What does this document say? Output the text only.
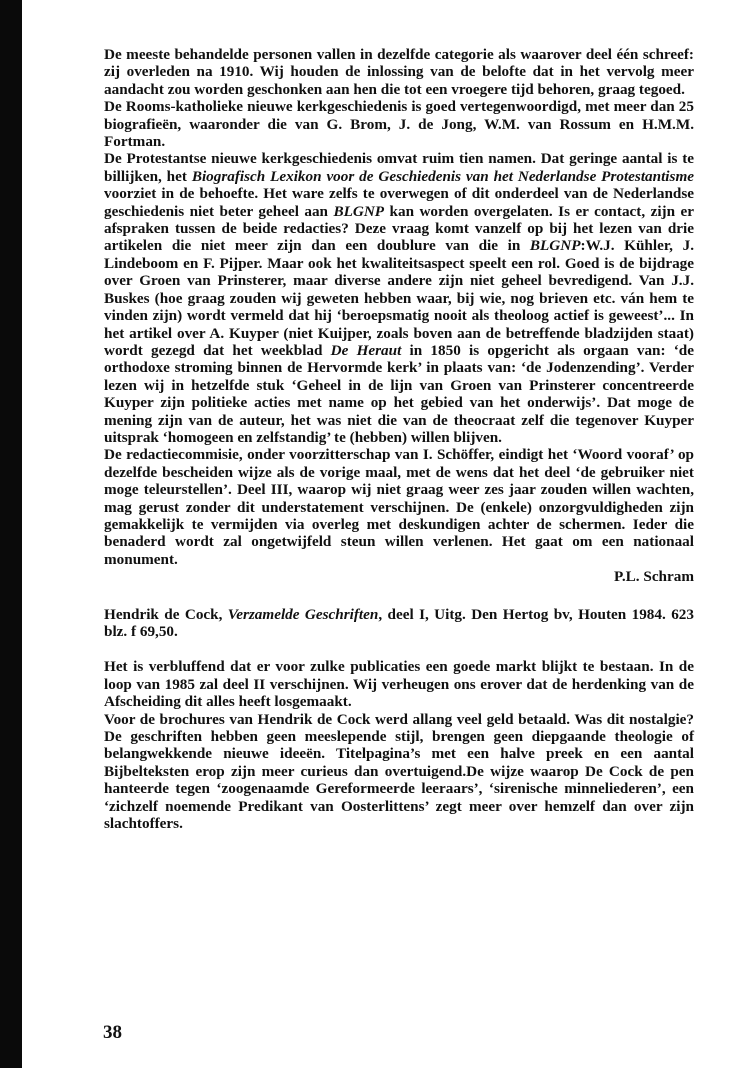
De meeste behandelde personen vallen in dezelfde categorie als waarover deel één schreef: zij overleden na 1910. Wij houden de inlossing van de belofte dat in het vervolg meer aandacht zou worden geschonken aan hen die tot een vroegere tijd behoren, graag tegoed.

De Rooms-katholieke nieuwe kerkgeschiedenis is goed vertegenwoordigd, met meer dan 25 biografieën, waaronder die van G. Brom, J. de Jong, W.M. van Rossum en H.M.M. Fortman.

De Protestantse nieuwe kerkgeschiedenis omvat ruim tien namen. Dat geringe aantal is te billijken, het Biografisch Lexikon voor de Geschiedenis van het Nederlandse Protestantisme voorziet in de behoefte. Het ware zelfs te overwegen of dit onderdeel van de Nederlandse geschiedenis niet beter geheel aan BLGNP kan worden overgelaten. Is er contact, zijn er afspraken tussen de beide redacties? Deze vraag komt vanzelf op bij het lezen van drie artikelen die niet meer zijn dan een doublure van die in BLGNP:W.J. Kühler, J. Lindeboom en F. Pijper. Maar ook het kwaliteitsaspect speelt een rol. Goed is de bijdrage over Groen van Prinsterer, maar diverse andere zijn niet geheel bevredigend. Van J.J. Buskes (hoe graag zouden wij geweten hebben waar, bij wie, nog brieven etc. ván hem te vinden zijn) wordt vermeld dat hij ‘beroepsmatig nooit als theoloog actief is geweest’... In het artikel over A. Kuyper (niet Kuijper, zoals boven aan de betreffende bladzijden staat) wordt gezegd dat het weekblad De Heraut in 1850 is opgericht als orgaan van: ‘de orthodoxe stroming binnen de Hervormde kerk’ in plaats van: ‘de Jodenzending’. Verder lezen wij in hetzelfde stuk ‘Geheel in de lijn van Groen van Prinsterer concentreerde Kuyper zijn politieke acties met name op het gebied van het onderwijs’. Dat moge de mening zijn van de auteur, het was niet die van de theocraat zelf die tegenover Kuyper uitsprak ‘homogeen en zelfstandig’ te (hebben) willen blijven.

De redactiecommisie, onder voorzitterschap van I. Schöffer, eindigt het ‘Woord vooraf’ op dezelfde bescheiden wijze als de vorige maal, met de wens dat het deel ‘de gebruiker niet moge teleurstellen’. Deel III, waarop wij niet graag weer zes jaar zouden willen wachten, mag gerust zonder dit understatement verschijnen. De (enkele) onzorgvuldigheden zijn gemakkelijk te vermijden via overleg met deskundigen achter de schermen. Ieder die benaderd wordt zal ongetwijfeld steun willen verlenen. Het gaat om een nationaal monument.

P.L. Schram

Hendrik de Cock, Verzamelde Geschriften, deel I, Uitg. Den Hertog bv, Houten 1984. 623 blz. f 69,50.

Het is verbluffend dat er voor zulke publicaties een goede markt blijkt te bestaan. In de loop van 1985 zal deel II verschijnen. Wij verheugen ons erover dat de herdenking van de Afscheiding dit alles heeft losgemaakt.

Voor de brochures van Hendrik de Cock werd allang veel geld betaald. Was dit nostalgie? De geschriften hebben geen meeslepende stijl, brengen geen diepgaande theologie of belangwekkende nieuwe ideeën. Titelpagina’s met een halve preek en een aantal Bijbelteksten erop zijn meer curieus dan overtuigend.De wijze waarop De Cock de pen hanteerde tegen ‘zoogenaamde Gereformeerde leeraars’, ‘sirenische minneliederen’, een ‘zichzelf noemende Predikant van Oosterlittens’ zegt meer over hemzelf dan over zijn slachtoffers.

38
